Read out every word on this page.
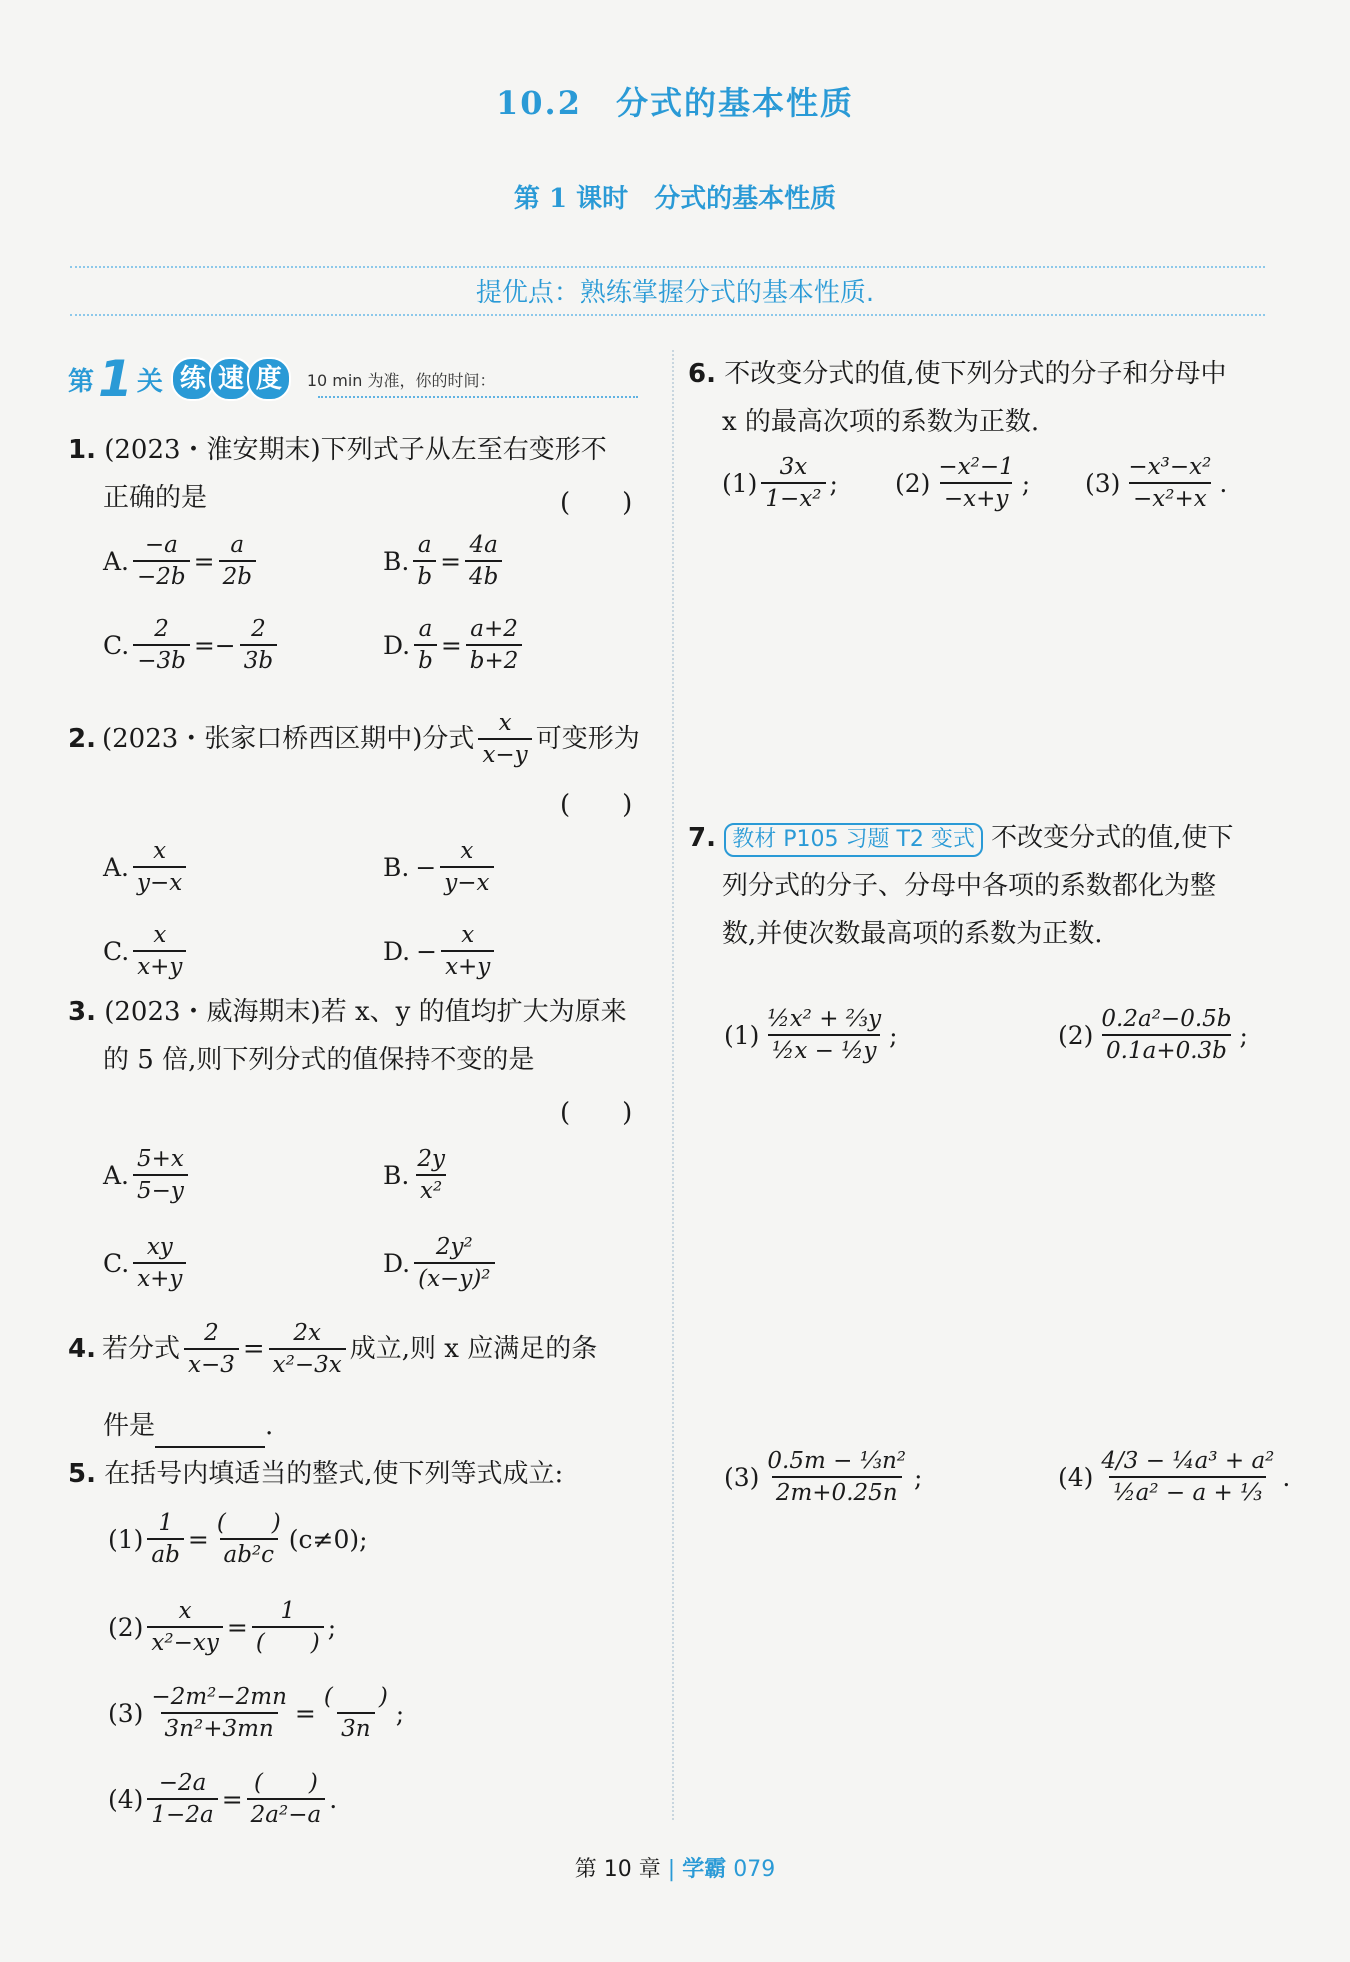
10.2　分式的基本性质
第 1 课时　分式的基本性质
提优点：熟练掌握分式的基本性质.
第 1 关 练 速 度	10 min 为准，你的时间：
1. (2023・淮安期末)下列式子从左至右变形不
正确的是	(　　)
A. $\frac{-a}{-2b} = \frac{a}{2b}$	B. $\frac{a}{b} = \frac{4a}{4b}$
C. $\frac{2}{-3b}$ = − $\frac{2}{3b}$	D. $\frac{a}{b} = \frac{a+2}{b+2}$
2. (2023・张家口桥西区期中)分式 $\frac{x}{x-y}$ 可变形为
(　　)
A. $\frac{x}{y-x}$	B. − $\frac{x}{y-x}$
C. $\frac{x}{x+y}$	D. − $\frac{x}{x+y}$
3. (2023・威海期末)若 x、y 的值均扩大为原来
的 5 倍,则下列分式的值保持不变的是
(　　)
A. $\frac{5+x}{5-y}$	B. $\frac{2y}{\text{x²}}$
C. $\frac{xy}{x+y}$	D. $\frac{\text{2y²}}{\text{(x−y)²}}$
4. 若分式 $\frac{2}{x-3} = \frac{2x}{\text{x²−3x}}$ 成立,则 x 应满足的条
件是	.
5. 在括号内填适当的整式,使下列等式成立:
$(1) \frac{1}{ab} = \frac{( )}{\text{ab²c}} (c\ne 0)$;
$(2) \frac{x}{\text{x²−xy}} = \frac{1}{( )}$ ;
$(3) \frac{\text{−2m²−2mn}}{\text{3n²+3mn}} = \frac{( )}{3n}$ ;
$(4) \frac{-2a}{1-2a} = \frac{( )}{\text{2a²−a}}$ .
6. 不改变分式的值,使下列分式的分子和分母中
x 的最高次项的系数为正数.
$(1) \frac{3x}{\text{1−x²}}$ ; $(2) \frac{\text{−x²−1}}{-x+y}$ ; $(3) \frac{\text{−x³−x²}}{\text{−x²+x}}$ .
7. 教材 P105 习题 T2 变式 不改变分式的值,使下
列分式的分子、分母中各项的系数都化为整
数,并使次数最高项的系数为正数.
$(1) \frac{\text{½x² + ⅔y}}{\text{½x − ½y}}$ ;	$(2) \frac{\text{0.2a²−0.5b}}{0.1a+0.3b}$ ;
$(3) \frac{\text{0.5m − ⅓n²}}{2m+0.25n}$ ;	$(4) \frac{\text{4/3 − ¼a³ + a²}}{\text{½a² − a + ⅓}}$ .
第 10 章 | 学霸 079
